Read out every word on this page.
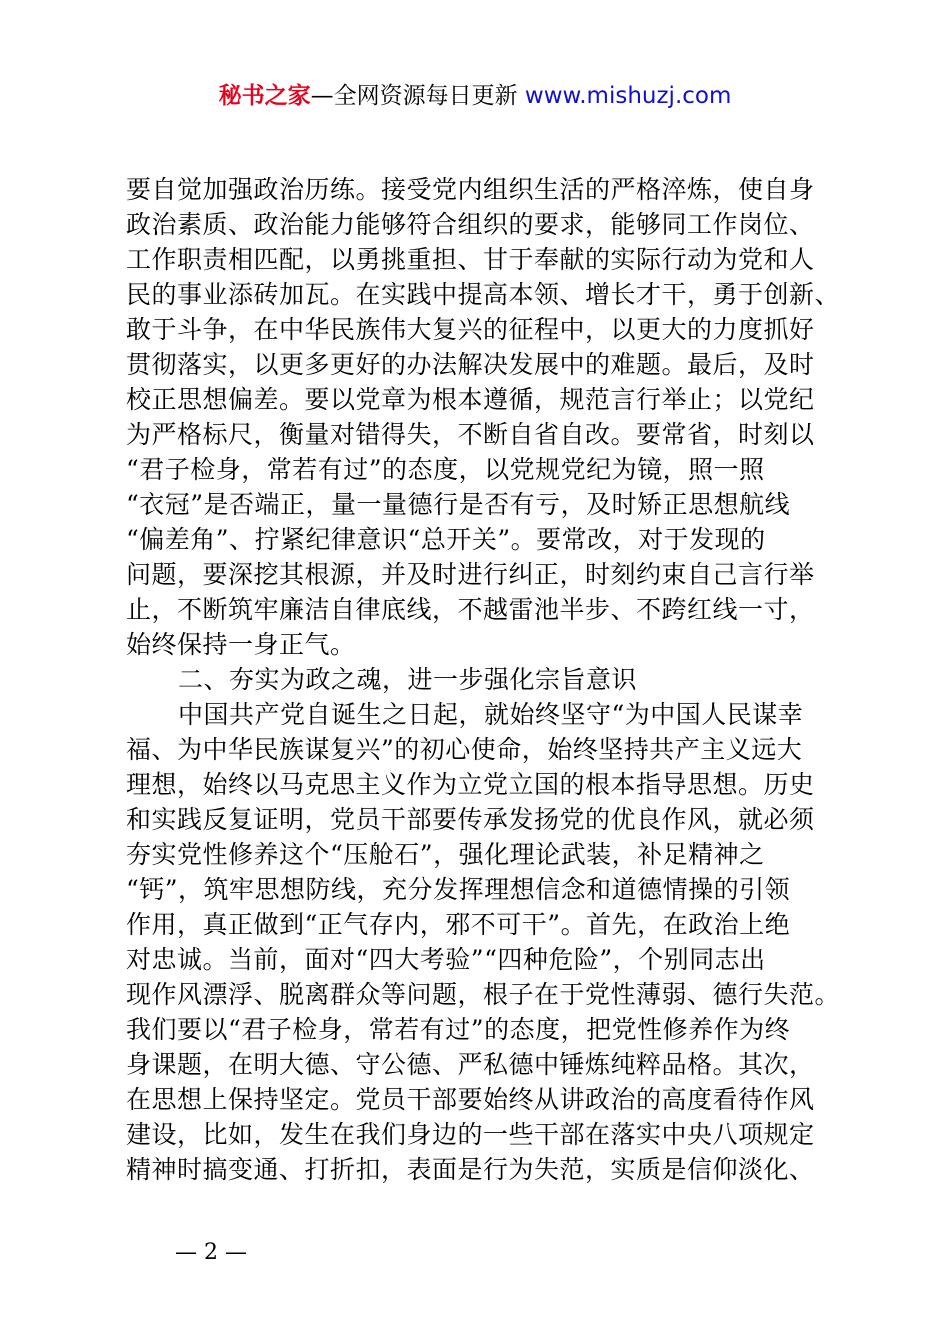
秘书之家—全网资源每日更新 www.mishuzj.com
要自觉加强政治历练。接受党内组织生活的严格淬炼，使自身
政治素质、政治能力能够符合组织的要求，能够同工作岗位、
工作职责相匹配，以勇挑重担、甘于奉献的实际行动为党和人
民的事业添砖加瓦。在实践中提高本领、增长才干，勇于创新、
敢于斗争，在中华民族伟大复兴的征程中，以更大的力度抓好
贯彻落实，以更多更好的办法解决发展中的难题。最后，及时
校正思想偏差。要以党章为根本遵循，规范言行举止；以党纪
为严格标尺，衡量对错得失，不断自省自改。要常省，时刻以
“君子检身，常若有过”的态度，以党规党纪为镜，照一照
“衣冠”是否端正，量一量德行是否有亏，及时矫正思想航线
“偏差角”、拧紧纪律意识“总开关”。要常改，对于发现的
问题，要深挖其根源，并及时进行纠正，时刻约束自己言行举
止，不断筑牢廉洁自律底线，不越雷池半步、不跨红线一寸，
始终保持一身正气。
二、夯实为政之魂，进一步强化宗旨意识
中国共产党自诞生之日起，就始终坚守“为中国人民谋幸
福、为中华民族谋复兴”的初心使命，始终坚持共产主义远大
理想，始终以马克思主义作为立党立国的根本指导思想。历史
和实践反复证明，党员干部要传承发扬党的优良作风，就必须
夯实党性修养这个“压舱石”，强化理论武装，补足精神之
“钙”，筑牢思想防线，充分发挥理想信念和道德情操的引领
作用，真正做到“正气存内，邪不可干”。首先，在政治上绝
对忠诚。当前，面对“四大考验”“四种危险”，个别同志出
现作风漂浮、脱离群众等问题，根子在于党性薄弱、德行失范。
我们要以“君子检身，常若有过”的态度，把党性修养作为终
身课题，在明大德、守公德、严私德中锤炼纯粹品格。其次，
在思想上保持坚定。党员干部要始终从讲政治的高度看待作风
建设，比如，发生在我们身边的一些干部在落实中央八项规定
精神时搞变通、打折扣，表面是行为失范，实质是信仰淡化、
— 2 —
